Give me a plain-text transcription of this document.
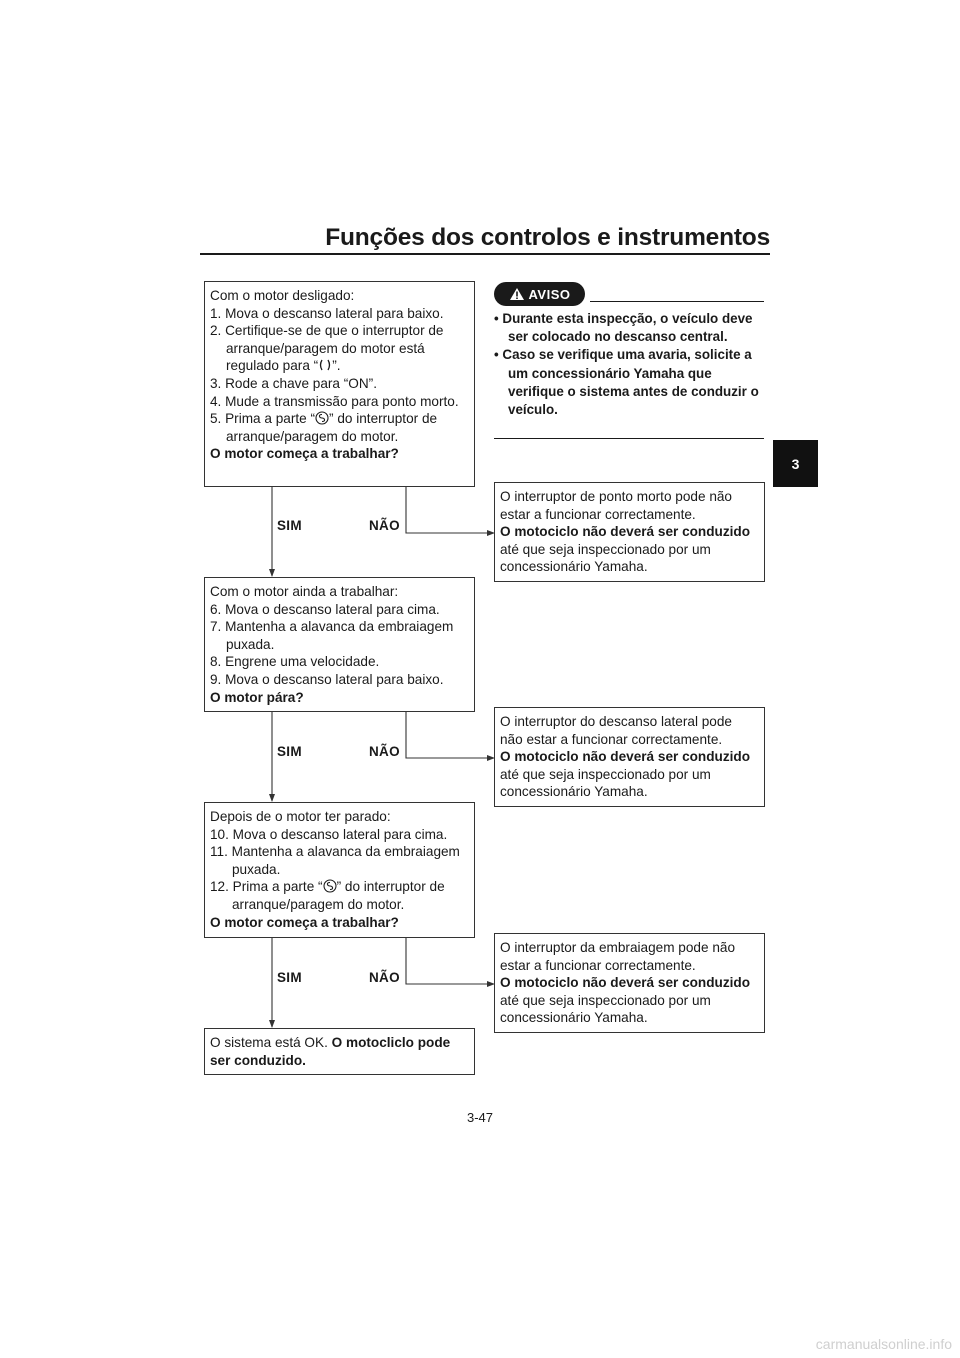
Funções dos controlos e instrumentos
3

Com o motor desligado:

1. Mova o descanso lateral para baixo.

2. Certifique-se de que o interruptor de arranque/paragem do motor está regulado para “ ”.

3. Rode a chave para “ON”.

4. Mude a transmissão para ponto morto.

5. Prima a parte “ ” do interruptor de arranque/paragem do motor.

O motor começa a trabalhar?

SIM	NÃO

O interruptor de ponto morto pode não estar a funcionar correctamente.

O motociclo não deverá ser conduzido até que seja inspeccionado por um concessionário Yamaha.

Com o motor ainda a trabalhar:

6. Mova o descanso lateral para cima.

7. Mantenha a alavanca da embraiagem puxada.

8. Engrene uma velocidade.

9. Mova o descanso lateral para baixo.

O motor pára?

SIM	NÃO

O interruptor do descanso lateral pode não estar a funcionar correctamente.

O motociclo não deverá ser conduzido até que seja inspeccionado por um concessionário Yamaha.

Depois de o motor ter parado:

10. Mova o descanso lateral para cima.

11. Mantenha a alavanca da embraiagem puxada.

12. Prima a parte “ ” do interruptor de arranque/paragem do motor.

O motor começa a trabalhar?

SIM	NÃO

O interruptor da embraiagem pode não estar a funcionar correctamente.

O motociclo não deverá ser conduzido até que seja inspeccionado por um concessionário Yamaha.

O sistema está OK. O motocliclo pode ser conduzido.

AVISO

• Durante esta inspecção, o veículo deve ser colocado no descanso central.

• Caso se verifique uma avaria, solicite a um concessionário Yamaha que verifique o sistema antes de conduzir o veículo.

3-47
carmanualsonline.info
